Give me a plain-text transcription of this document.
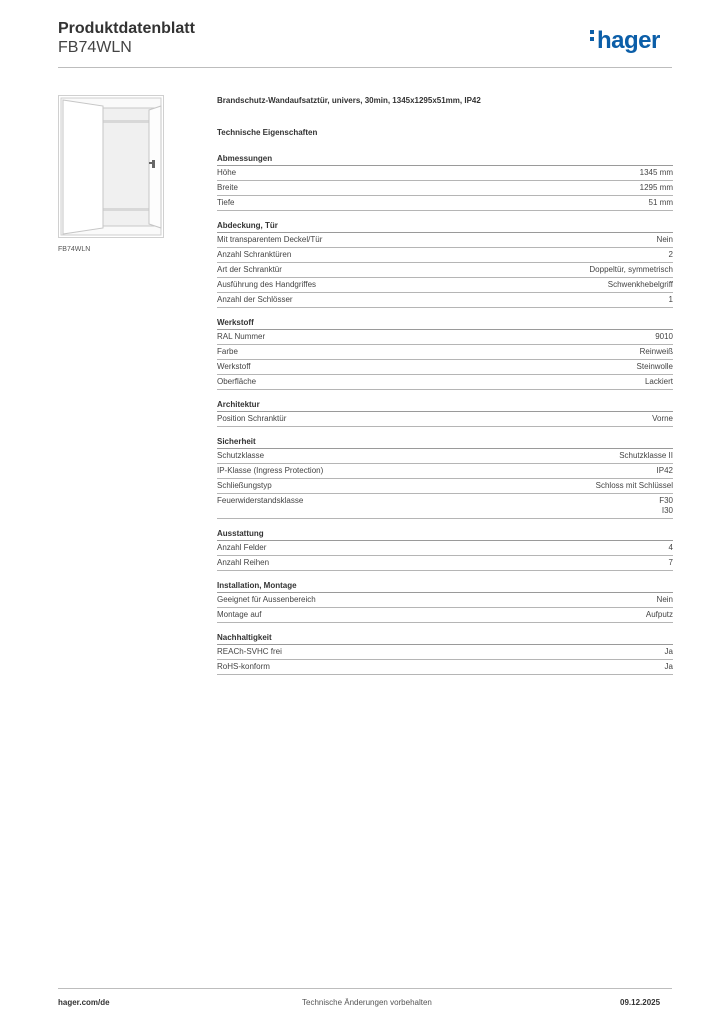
Produktdatenblatt
FB74WLN	hager
FB74WLN
Brandschutz-Wandaufsatztür, univers, 30min, 1345x1295x51mm, IP42
Technische Eigenschaften
Abmessungen
Höhe	1345 mm
Breite	1295 mm
Tiefe	51 mm
Abdeckung, Tür
Mit transparentem Deckel/Tür	Nein
Anzahl Schranktüren	2
Art der Schranktür	Doppeltür, symmetrisch
Ausführung des Handgriffes	Schwenkhebelgriff
Anzahl der Schlösser	1
Werkstoff
RAL Nummer	9010
Farbe	Reinweiß
Werkstoff	Steinwolle
Oberfläche	Lackiert
Architektur
Position Schranktür	Vorne
Sicherheit
Schutzklasse	Schutzklasse II
IP-Klasse (Ingress Protection)	IP42
Schließungstyp	Schloss mit Schlüssel
Feuerwiderstandsklasse	F30
I30
Ausstattung
Anzahl Felder	4
Anzahl Reihen	7
Installation, Montage
Geeignet für Aussenbereich	Nein
Montage auf	Aufputz
Nachhaltigkeit
REACh-SVHC frei	Ja
RoHS-konform	Ja
hager.com/de	Technische Änderungen vorbehalten	09.12.2025
